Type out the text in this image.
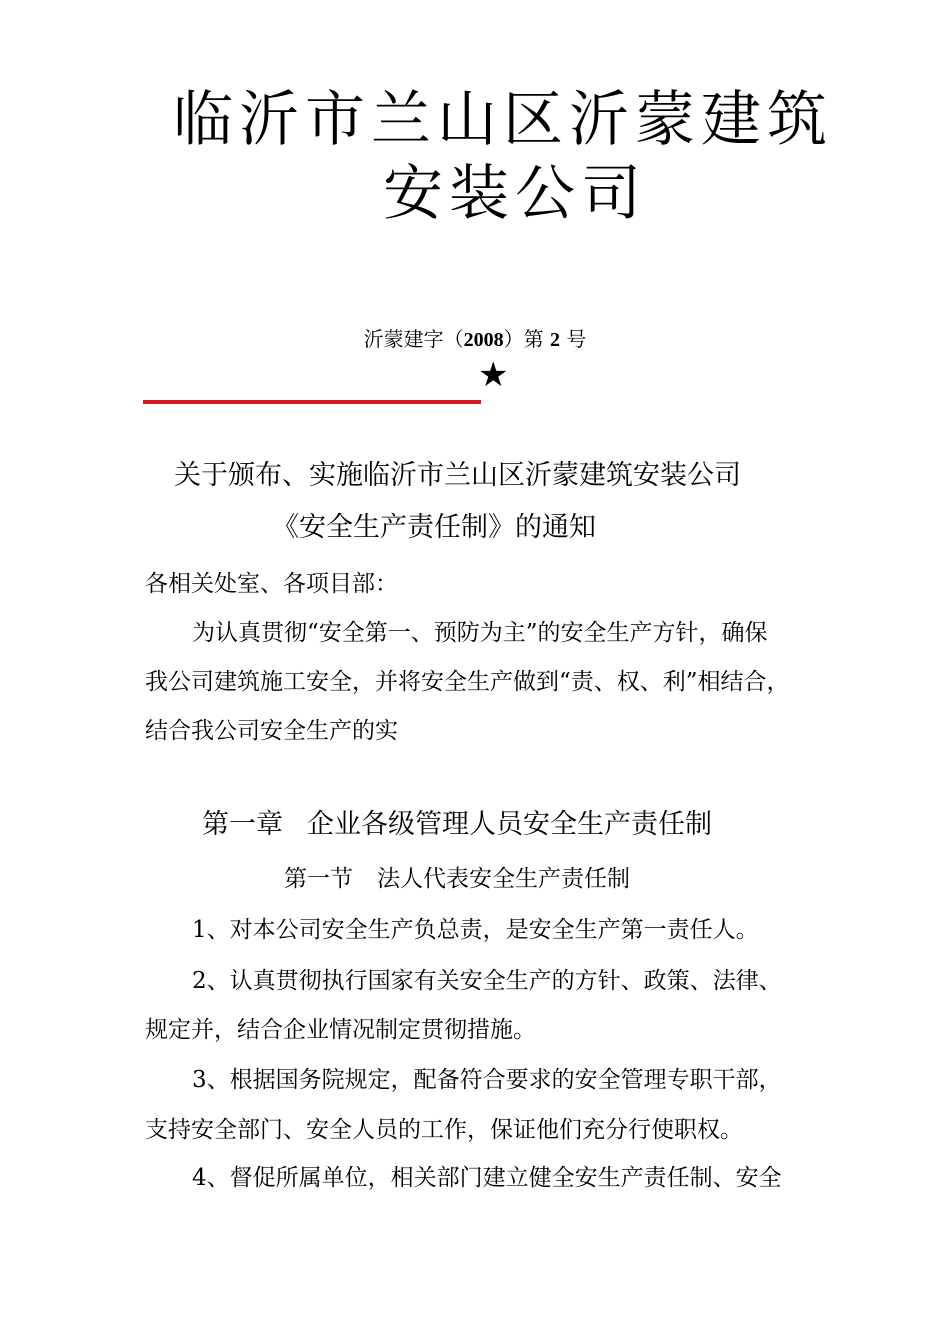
临沂市兰山区沂蒙建筑
安装公司
沂蒙建字（2008）第 2 号
★
关于颁布、实施临沂市兰山区沂蒙建筑安装公司
《安全生产责任制》的通知
各相关处室、各项目部：
为认真贯彻“安全第一、预防为主”的安全生产方针，确保
我公司建筑施工安全，并将安全生产做到“责、权、利”相结合，
结合我公司安全生产的实
第一章 企业各级管理人员安全生产责任制
第一节 法人代表安全生产责任制
1、对本公司安全生产负总责，是安全生产第一责任人。
2、认真贯彻执行国家有关安全生产的方针、政策、法律、
规定并，结合企业情况制定贯彻措施。
3、根据国务院规定，配备符合要求的安全管理专职干部，
支持安全部门、安全人员的工作，保证他们充分行使职权。
4、督促所属单位，相关部门建立健全安生产责任制、安全
